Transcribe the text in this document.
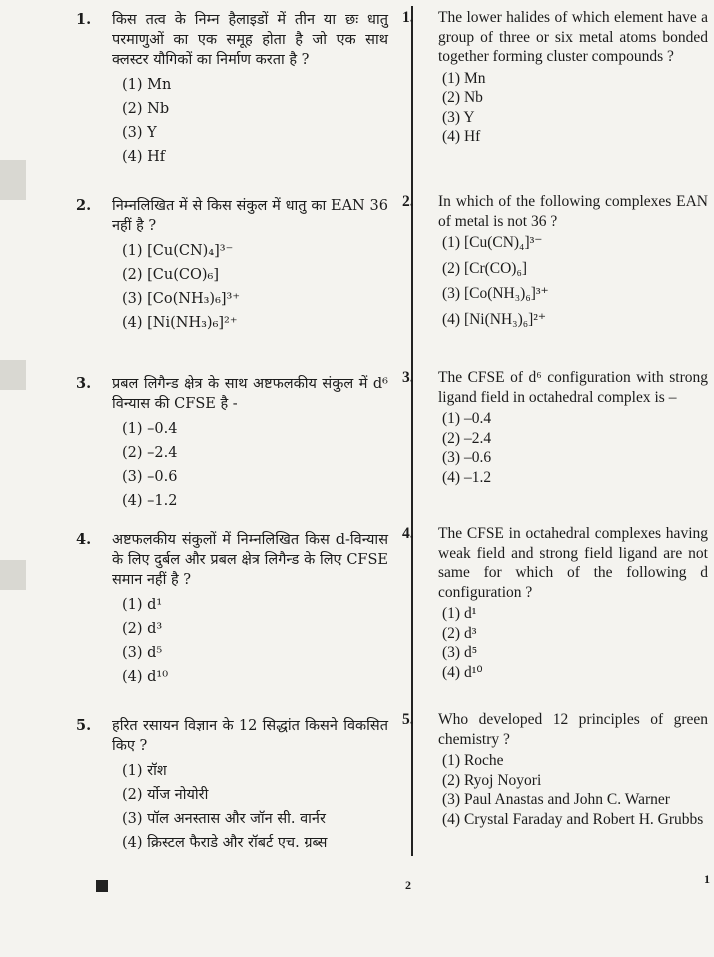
1. किस तत्व के निम्न हैलाइडों में तीन या छः धातु परमाणुओं का एक समूह होता है जो एक साथ क्लस्टर यौगिकों का निर्माण करता है ?
(1) Mn
(2) Nb
(3) Y
(4) Hf
2. निम्नलिखित में से किस संकुल में धातु का EAN 36 नहीं है ?
(1) [Cu(CN)₄]³⁻
(2) [Cu(CO)₆]
(3) [Co(NH₃)₆]³⁺
(4) [Ni(NH₃)₆]²⁺
3. प्रबल लिगैन्ड क्षेत्र के साथ अष्टफलकीय संकुल में d⁶ विन्यास की CFSE है -
(1) –0.4
(2) –2.4
(3) –0.6
(4) –1.2
4. अष्टफलकीय संकुलों में निम्नलिखित किस d-विन्यास के लिए दुर्बल और प्रबल क्षेत्र लिगैन्ड के लिए CFSE समान नहीं है ?
(1) d¹
(2) d³
(3) d⁵
(4) d¹⁰
5. हरित रसायन विज्ञान के 12 सिद्धांत किसने विकसित किए ?
(1) रॉश
(2) र्योज नोयोरी
(3) पॉल अनस्तास और जॉन सी. वार्नर
(4) क्रिस्टल फैराडे और रॉबर्ट एच. ग्रब्स
1. The lower halides of which element have a group of three or six metal atoms bonded together forming cluster compounds ?
(1) Mn
(2) Nb
(3) Y
(4) Hf
2. In which of the following complexes EAN of metal is not 36 ?
(1) [Cu(CN)₄]³⁻
(2) [Cr(CO)₆]
(3) [Co(NH₃)₆]³⁺
(4) [Ni(NH₃)₆]²⁺
3. The CFSE of d⁶ configuration with strong ligand field in octahedral complex is –
(1) –0.4
(2) –2.4
(3) –0.6
(4) –1.2
4. The CFSE in octahedral complexes having weak field and strong field ligand are not same for which of the following d configuration ?
(1) d¹
(2) d³
(3) d⁵
(4) d¹⁰
5. Who developed 12 principles of green chemistry ?
(1) Roche
(2) Ryoj Noyori
(3) Paul Anastas and John C. Warner
(4) Crystal Faraday and Robert H. Grubbs
2	1
